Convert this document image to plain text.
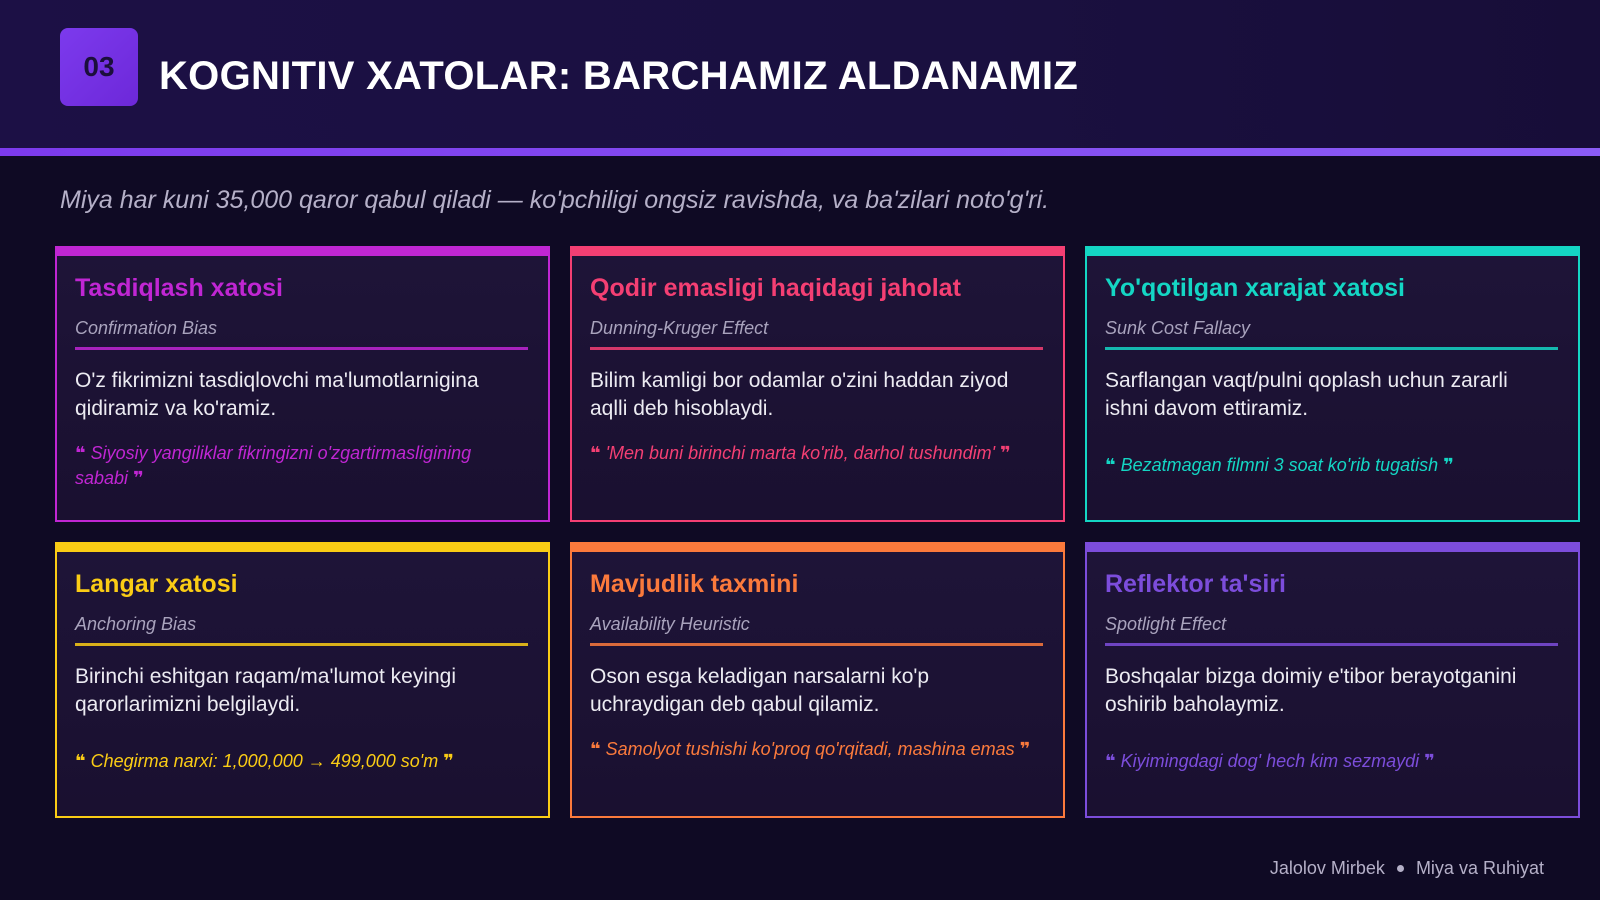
03	KOGNITIV XATOLAR: BARCHAMIZ ALDANAMIZ
Miya har kuni 35,000 qaror qabul qiladi — ko'pchiligi ongsiz ravishda, va ba'zilari noto'g'ri.
Tasdiqlash xatosi
Confirmation Bias
O'z fikrimizni tasdiqlovchi ma'lumotlarnigina qidiramiz va ko'ramiz.
❝ Siyosiy yangiliklar fikringizni o'zgartirmasligining sababi ❞
Qodir emasligi haqidagi jaholat
Dunning-Kruger Effect
Bilim kamligi bor odamlar o'zini haddan ziyod aqlli deb hisoblaydi.
❝ 'Men buni birinchi marta ko'rib, darhol tushundim' ❞
Yo'qotilgan xarajat xatosi
Sunk Cost Fallacy
Sarflangan vaqt/pulni qoplash uchun zararli ishni davom ettiramiz.
❝ Bezatmagan filmni 3 soat ko'rib tugatish ❞
Langar xatosi
Anchoring Bias
Birinchi eshitgan raqam/ma'lumot keyingi qarorlarimizni belgilaydi.
❝ Chegirma narxi: 1,000,000 → 499,000 so'm ❞
Mavjudlik taxmini
Availability Heuristic
Oson esga keladigan narsalarni ko'p uchraydigan deb qabul qilamiz.
❝ Samolyot tushishi ko'proq qo'rqitadi, mashina emas ❞
Reflektor ta'siri
Spotlight Effect
Boshqalar bizga doimiy e'tibor berayotganini oshirib baholaymiz.
❝ Kiyimingdagi dog' hech kim sezmaydi ❞
Jalolov Mirbek Miya va Ruhiyat
